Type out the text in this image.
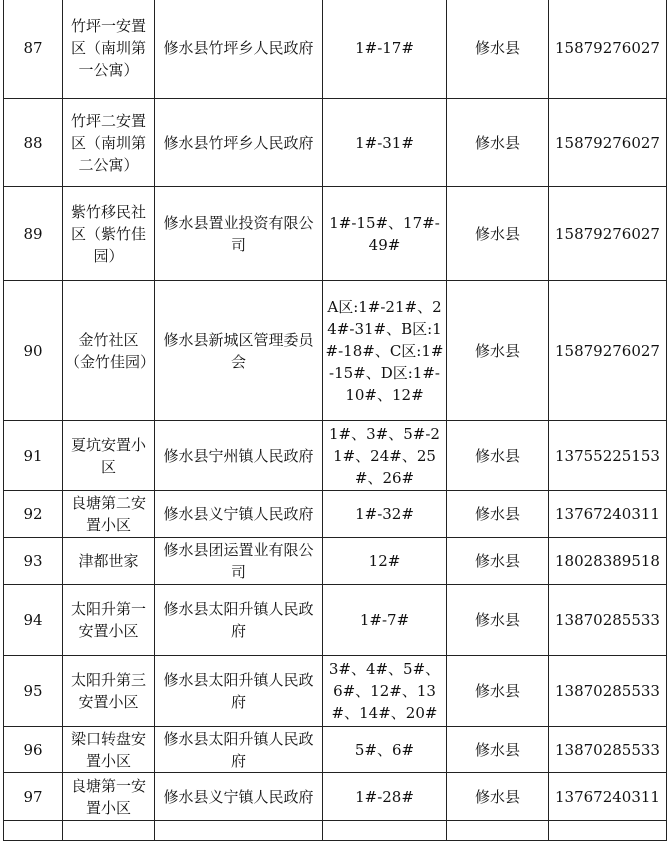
87	竹坪一安置区（南圳第一公寓）	修水县竹坪乡人民政府	1#-17#	修水县	15879276027
88	竹坪二安置区（南圳第二公寓）	修水县竹坪乡人民政府	1#-31#	修水县	15879276027
89	紫竹移民社区（紫竹佳园）	修水县置业投资有限公司	1#-15#、17#-49#	修水县	15879276027
90	金竹社区（金竹佳园）	修水县新城区管理委员会	A区:1#-21#、24#-31#、B区:1#-18#、C区:1#-15#、D区:1#-10#、12#	修水县	15879276027
91	夏坑安置小区	修水县宁州镇人民政府	1#、3#、5#-21#、24#、25#、26#	修水县	13755225153
92	良塘第二安置小区	修水县义宁镇人民政府	1#-32#	修水县	13767240311
93	津都世家	修水县团运置业有限公司	12#	修水县	18028389518
94	太阳升第一安置小区	修水县太阳升镇人民政府	1#-7#	修水县	13870285533
95	太阳升第三安置小区	修水县太阳升镇人民政府	3#、4#、5#、6#、12#、13#、14#、20#	修水县	13870285533
96	梁口转盘安置小区	修水县太阳升镇人民政府	5#、6#	修水县	13870285533
97	良塘第一安置小区	修水县义宁镇人民政府	1#-28#	修水县	13767240311
